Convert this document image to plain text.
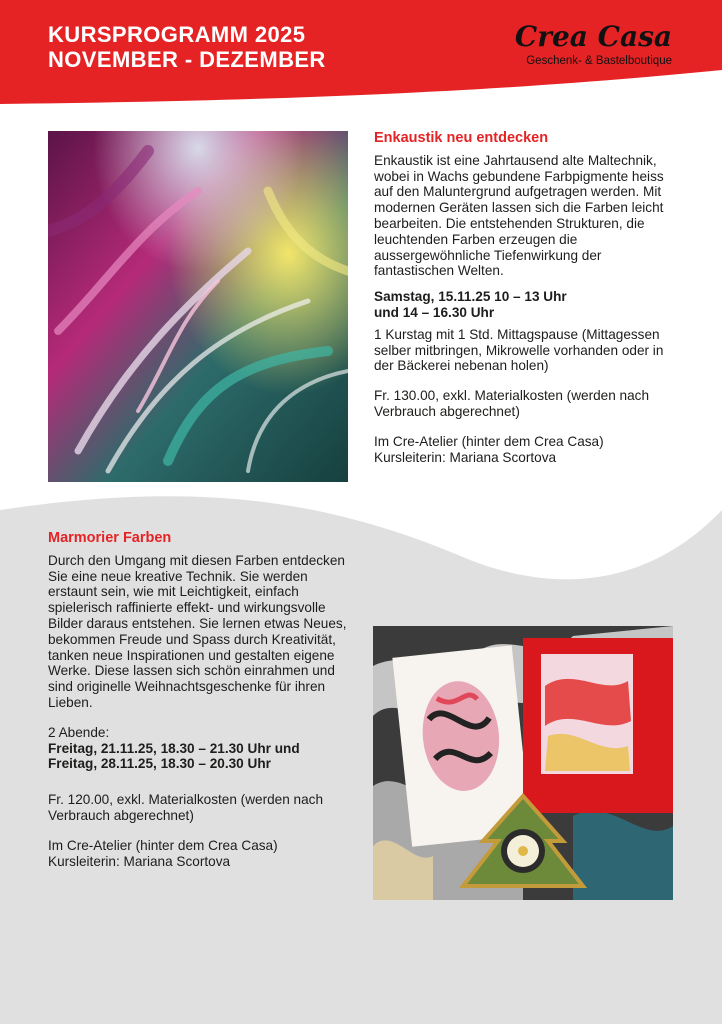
KURSPROGRAMM 2025
NOVEMBER - DEZEMBER
Crea Casa
Geschenk- & Bastelboutique
Enkaustik neu entdecken

Enkaustik ist eine Jahrtausend alte Maltechnik, wobei in Wachs gebundene Farbpigmente heiss auf den Maluntergrund aufgetragen werden. Mit modernen Geräten lassen sich die Farben leicht bearbeiten. Die entstehenden Strukturen, die leuchtenden Farben erzeugen die aussergewöhnliche Tiefenwirkung der fantastischen Welten.

Samstag, 15.11.25 10 – 13 Uhr

und 14 – 16.30 Uhr

1 Kurstag mit 1 Std. Mittagspause (Mittagessen selber mitbringen, Mikrowelle vorhanden oder in der Bäckerei nebenan holen)

Fr. 130.00, exkl. Materialkosten (werden nach Verbrauch abgerechnet)

Im Cre-Atelier (hinter dem Crea Casa)

Kursleiterin: Mariana Scortova

Marmorier Farben

Durch den Umgang mit diesen Farben entdecken Sie eine neue kreative Technik. Sie werden erstaunt sein, wie mit Leichtigkeit, einfach spielerisch raffinierte effekt- und wirkungsvolle Bilder daraus entstehen. Sie lernen etwas Neues, bekommen Freude und Spass durch Kreativität, tanken neue Inspirationen und gestalten eigene Werke. Diese lassen sich schön einrahmen und sind originelle Weihnachtsgeschenke für ihren Lieben.

2 Abende:

Freitag, 21.11.25, 18.30 – 21.30 Uhr und

Freitag, 28.11.25, 18.30 – 20.30 Uhr

Fr. 120.00, exkl. Materialkosten (werden nach Verbrauch abgerechnet)

Im Cre-Atelier (hinter dem Crea Casa)

Kursleiterin: Mariana Scortova
